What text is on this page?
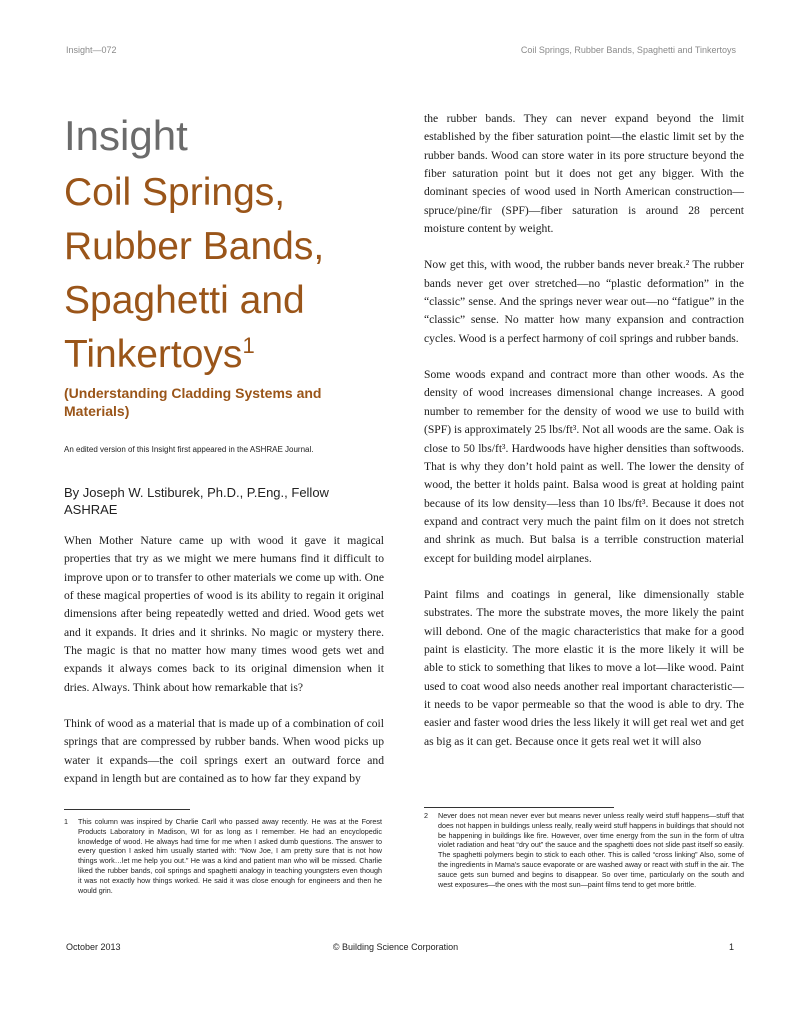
Insight—072	Coil Springs, Rubber Bands, Spaghetti and Tinkertoys
Insight
Coil Springs, Rubber Bands, Spaghetti and Tinkertoys$^1$
(Understanding Cladding Systems and Materials)
An edited version of this Insight first appeared in the ASHRAE Journal.
By Joseph W. Lstiburek, Ph.D., P.Eng., Fellow ASHRAE

When Mother Nature came up with wood it gave it magical properties that try as we might we mere humans find it difficult to improve upon or to transfer to other materials we come up with. One of these magical properties of wood is its ability to regain it original dimensions after being repeatedly wetted and dried. Wood gets wet and it expands. It dries and it shrinks. No magic or mystery there. The magic is that no matter how many times wood gets wet and expands it always comes back to its original dimension when it dries. Always. Think about how remarkable that is?

Think of wood as a material that is made up of a combination of coil springs that are compressed by rubber bands. When wood picks up water it expands—the coil springs exert an outward force and expand in length but are contained as to how far they expand by

the rubber bands. They can never expand beyond the limit established by the fiber saturation point—the elastic limit set by the rubber bands. Wood can store water in its pore structure beyond the fiber saturation point but it does not get any bigger. With the dominant species of wood used in North American construction—spruce/pine/fir (SPF)—fiber saturation is around 28 percent moisture content by weight.

Now get this, with wood, the rubber bands never break.² The rubber bands never get over stretched—no “plastic deformation” in the “classic” sense. And the springs never wear out—no “fatigue” in the “classic” sense. No matter how many expansion and contraction cycles. Wood is a perfect harmony of coil springs and rubber bands.

Some woods expand and contract more than other woods. As the density of wood increases dimensional change increases. A good number to remember for the density of wood we use to build with (SPF) is approximately 25 lbs/ft³. Not all woods are the same. Oak is close to 50 lbs/ft³. Hardwoods have higher densities than softwoods. That is why they don’t hold paint as well. The lower the density of wood, the better it holds paint. Balsa wood is great at holding paint because of its low density—less than 10 lbs/ft³. Because it does not expand and contract very much the paint film on it does not stretch and shrink as much. But balsa is a terrible construction material except for building model airplanes.

Paint films and coatings in general, like dimensionally stable substrates. The more the substrate moves, the more likely the paint will debond. One of the magic characteristics that make for a good paint is elasticity. The more elastic it is the more likely it will be able to stick to something that likes to move a lot—like wood. Paint used to coat wood also needs another real important characteristic—it needs to be vapor permeable so that the wood is able to dry. The easier and faster wood dries the less likely it will get real wet and get as big as it can get. Because once it gets real wet it will also

1 This column was inspired by Charlie Carll who passed away recently. He was at the Forest Products Laboratory in Madison, WI for as long as I remember. He had an encyclopedic knowledge of wood. He always had time for me when I asked dumb questions. The answer to every question I asked him usually started with: “Now Joe, I am pretty sure that is not how things work…let me help you out.” He was a kind and patient man who will be missed. Charlie liked the rubber bands, coil springs and spaghetti analogy in teaching youngsters even though it was not exactly how things worked. He said it was close enough for engineers and then he would grin.
2 Never does not mean never ever but means never unless really weird stuff happens—stuff that does not happen in buildings unless really, really weird stuff happens in buildings that should not be happening in buildings like fire. However, over time energy from the sun in the form of ultra violet radiation and heat “dry out” the sauce and the spaghetti does not slide past itself so easily. The spaghetti polymers begin to stick to each other. This is called “cross linking” Also, some of the ingredients in Mama’s sauce evaporate or are washed away or react with stuff in the air. The sauce gets sun burned and begins to disappear. So over time, particularly on the south and west exposures—the ones with the most sun—paint films tend to get more brittle.
October 2013	© Building Science Corporation	1
